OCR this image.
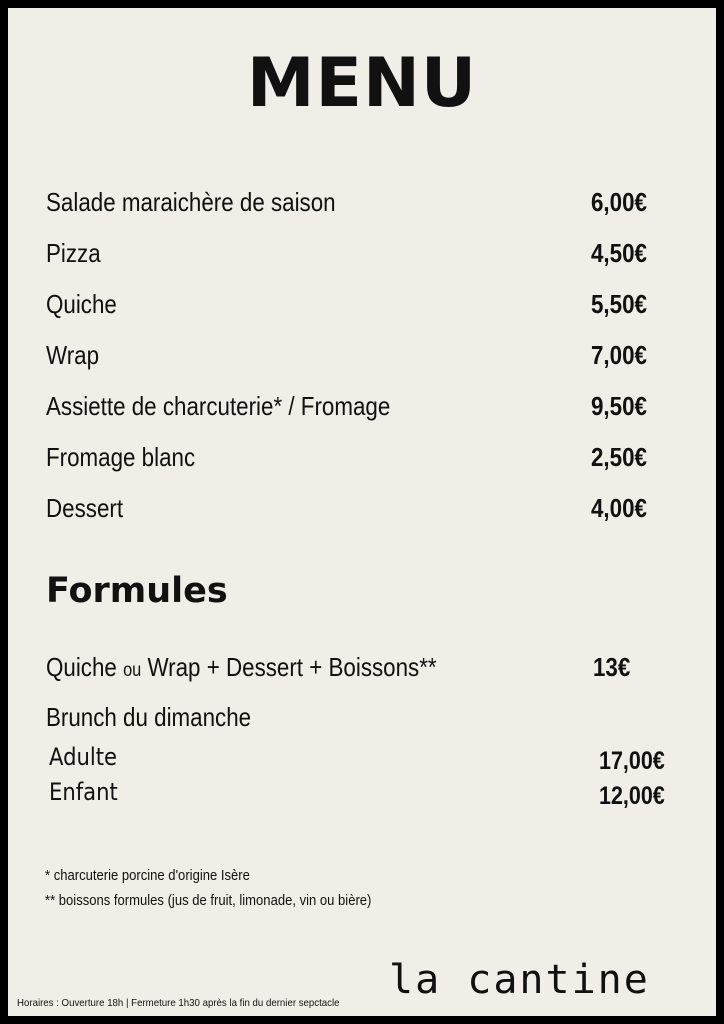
MENU
Salade maraichère de saison	6,00€
Pizza	4,50€
Quiche	5,50€
Wrap	7,00€
Assiette de charcuterie* / Fromage	9,50€
Fromage blanc	2,50€
Dessert	4,00€
Formules
Quiche ou Wrap + Dessert + Boissons**	13€
Brunch du dimanche
Adulte	17,00€
Enfant	12,00€
* charcuterie porcine d'origine Isère
** boissons formules (jus de fruit, limonade, vin ou bière)
la cantine
Horaires : Ouverture 18h | Fermeture 1h30 après la fin du dernier sepctacle
